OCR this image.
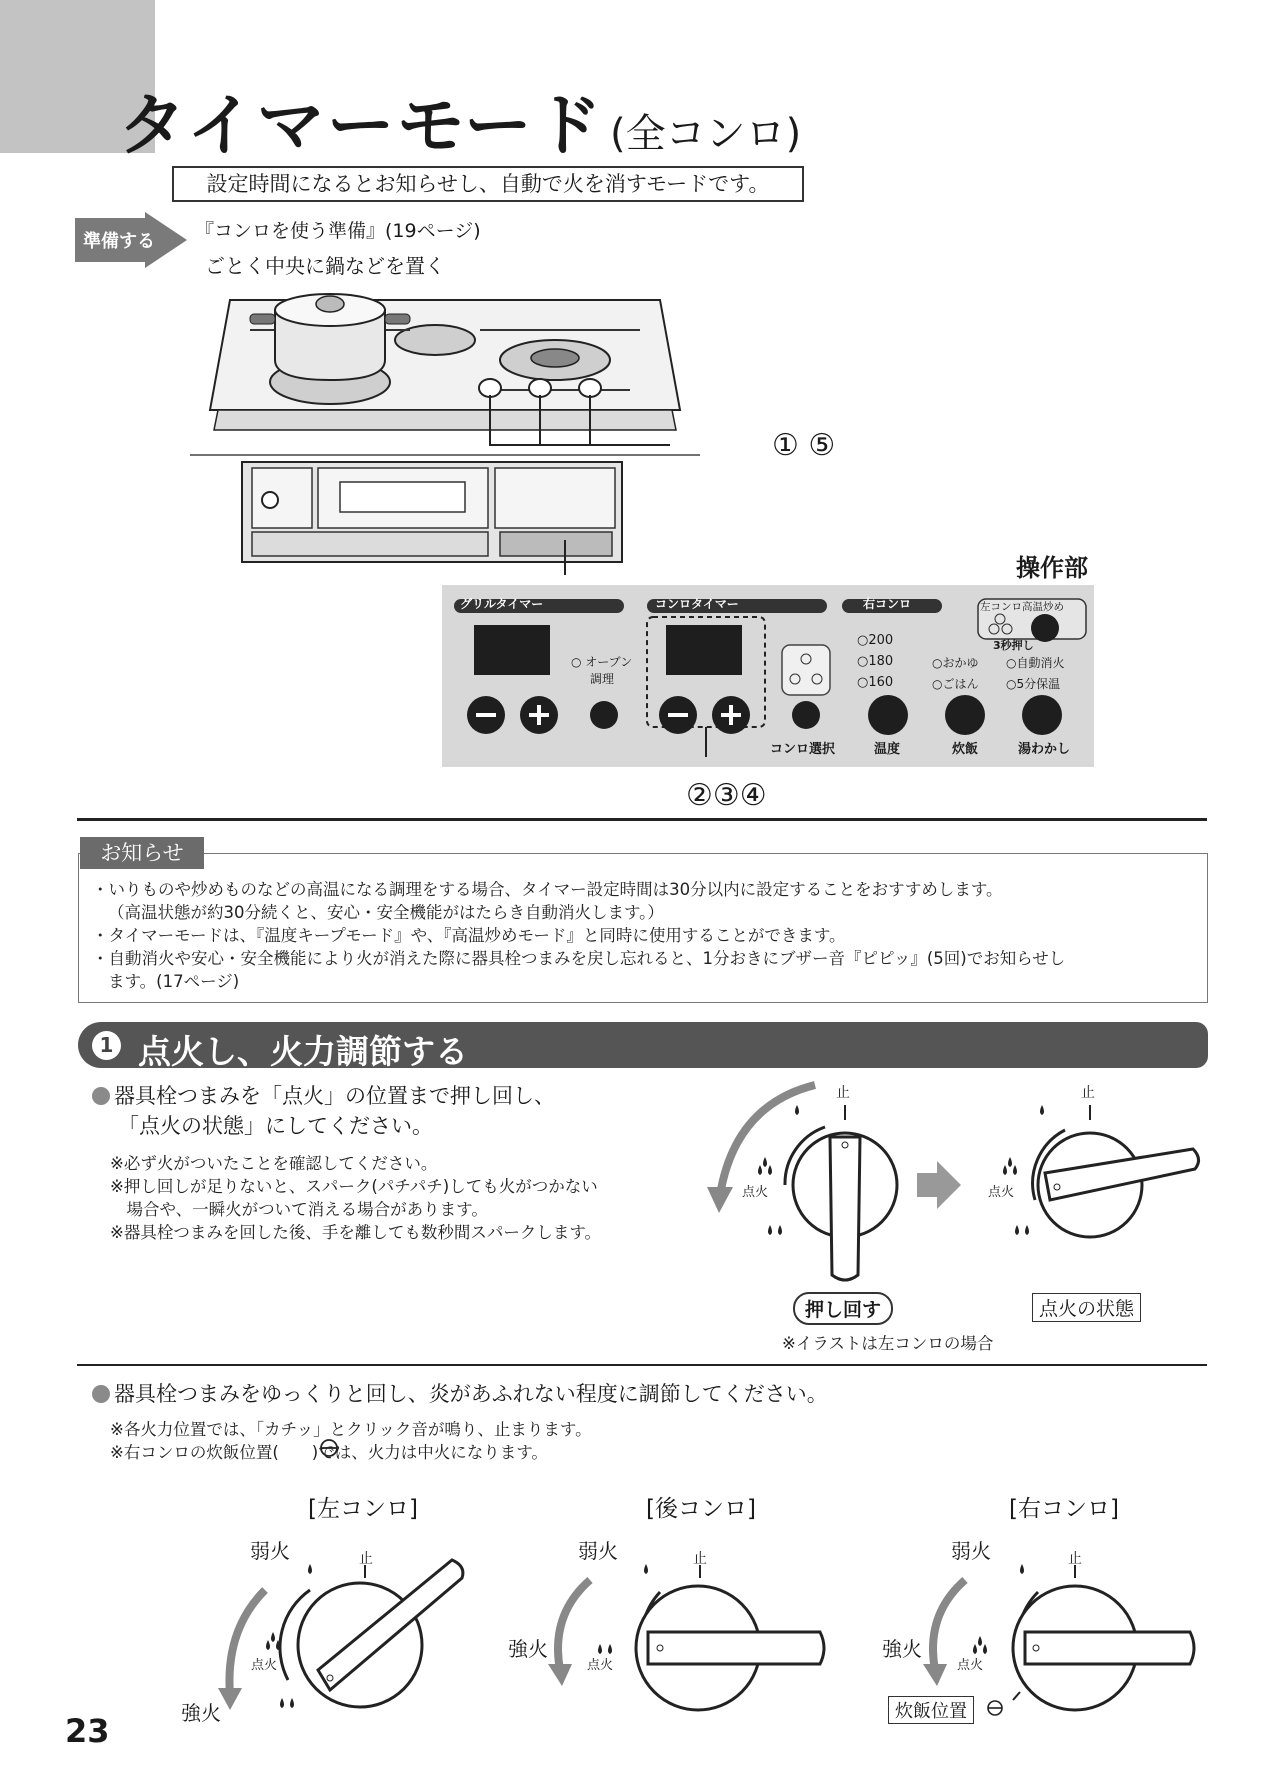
タイマーモード (全コンロ)
設定時間になるとお知らせし、自動で火を消すモードです。
準備する 『コンロを使う準備』(19ページ)
ごとく中央に鍋などを置く
① ⑤
操作部
グリルタイマー	コンロタイマー	右コンロ	左コンロ高温炒め
3秒押し
○ オーブン
調理
○200
○180
○160
○おかゆ
○ごはん
○自動消火
○5分保温
コンロ選択	温度	炊飯	湯わかし
②③④
お知らせ
・いりものや炒めものなどの高温になる調理をする場合、タイマー設定時間は30分以内に設定することをおすすめします。
（高温状態が約30分続くと、安心・安全機能がはたらき自動消火します。）
・タイマーモードは、『温度キープモード』や、『高温炒めモード』と同時に使用することができます。
・自動消火や安心・安全機能により火が消えた際に器具栓つまみを戻し忘れると、1分おきにブザー音『ピピッ』(5回)でお知らせし
ます。(17ページ)
1 点火し、火力調節する
器具栓つまみを「点火」の位置まで押し回し、
「点火の状態」にしてください。
※必ず火がついたことを確認してください。
※押し回しが足りないと、スパーク(パチパチ)しても火がつかない
　場合や、一瞬火がついて消える場合があります。
※器具栓つまみを回した後、手を離しても数秒間スパークします。
止
点火
止
点火
押し回す	点火の状態
※イラストは左コンロの場合
器具栓つまみをゆっくりと回し、炎があふれない程度に調節してください。
※各火力位置では、「カチッ」とクリック音が鳴り、止まります。
※右コンロの炊飯位置(　　)では、火力は中火になります。
[左コンロ]	[後コンロ]	[右コンロ]
弱火	止
点火
強火
弱火	止
点火
強火
弱火	止
点火
強火
炊飯位置
23
